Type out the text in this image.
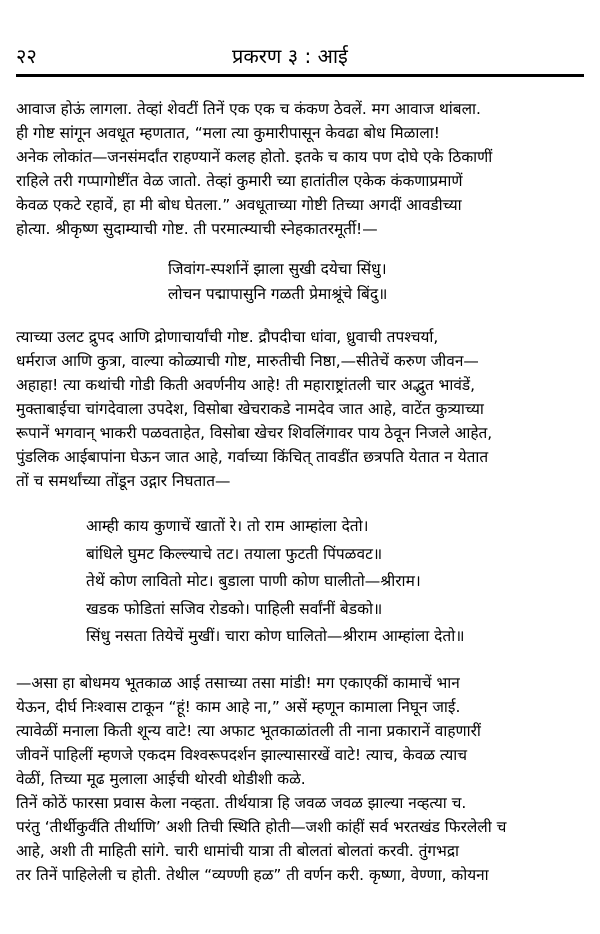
२२	प्रकरण ३ : आई
आवाज होऊं लागला. तेव्हां शेवटीं तिनें एक एक च कंकण ठेवलें. मग आवाज थांबला.
ही गोष्ट सांगून अवधूत म्हणतात, “मला त्या कुमारीपासून केवढा बोध मिळाला!
अनेक लोकांत—जनसंमर्दांत राहण्यानें कलह होतो. इतके च काय पण दोघे एके ठिकाणीं
राहिले तरी गप्पागोष्टींत वेळ जातो. तेव्हां कुमारी च्या हातांतील एकेक कंकणाप्रमाणें
केवळ एकटे रहावें, हा मी बोध घेतला.” अवधूताच्या गोष्टी तिच्या अगदीं आवडीच्या
होत्या. श्रीकृष्ण सुदाम्याची गोष्ट. ती परमात्म्याची स्नेहकातरमूर्ती!—
जिवांग-स्पर्शानें झाला सुखी दयेचा सिंधु।
लोचन पद्मापासुनि गळती प्रेमाश्रूंचे बिंदु॥
त्याच्या उलट द्रुपद आणि द्रोणाचार्यांची गोष्ट. द्रौपदीचा धांवा, ध्रुवाची तपश्चर्या,
धर्मराज आणि कुत्रा, वाल्या कोळ्याची गोष्ट, मारुतीची निष्ठा,—सीतेचें करुण जीवन—
अहाहा! त्या कथांची गोडी किती अवर्णनीय आहे! ती महाराष्ट्रांतली चार अद्भुत भावंडें,
मुक्ताबाईचा चांगदेवाला उपदेश, विसोबा खेचराकडे नामदेव जात आहे, वाटेंत कुत्र्याच्या
रूपानें भगवान् भाकरी पळवताहेत, विसोबा खेचर शिवलिंगावर पाय ठेवून निजले आहेत,
पुंडलिक आईबापांना घेऊन जात आहे, गर्वाच्या किंचित् तावडींत छत्रपति येतात न येतात
तों च समर्थांच्या तोंडून उद्गार निघतात—
आम्ही काय कुणाचें खातों रे। तो राम आम्हांला देतो।
बांधिले घुमट किल्ल्याचे तट। तयाला फुटती पिंपळवट॥
तेथें कोण लावितो मोट। बुडाला पाणी कोण घालीतो—श्रीराम।
खडक फोडितां सजिव रोडको। पाहिली सर्वांनीं बेडको॥
सिंधु नसता तियेचें मुखीं। चारा कोण घालितो—श्रीराम आम्हांला देतो॥
—असा हा बोधमय भूतकाळ आई तसाच्या तसा मांडी! मग एकाएकीं कामाचें भान
येऊन, दीर्घ निःश्वास टाकून “हूं! काम आहे ना,” असें म्हणून कामाला निघून जाई.
त्यावेळीं मनाला किती शून्य वाटे! त्या अफाट भूतकाळांतली ती नाना प्रकारानें वाहणारीं
जीवनें पाहिलीं म्हणजे एकदम विश्वरूपदर्शन झाल्यासारखें वाटे! त्याच, केवळ त्याच
वेळीं, तिच्या मूढ मुलाला आईची थोरवी थोडीशी कळे.
तिनें कोठें फारसा प्रवास केला नव्हता. तीर्थयात्रा हि जवळ जवळ झाल्या नव्हत्या च.
परंतु ‘तीर्थीकुर्वंति तीर्थाणि’ अशी तिची स्थिति होती—जशी कांहीं सर्व भरतखंड फिरलेली च
आहे, अशी ती माहिती सांगे. चारी धामांची यात्रा ती बोलतां बोलतां करवी. तुंगभद्रा
तर तिनें पाहिलेली च होती. तेथील “व्यण्णी हळ” ती वर्णन करी. कृष्णा, वेण्णा, कोयना
